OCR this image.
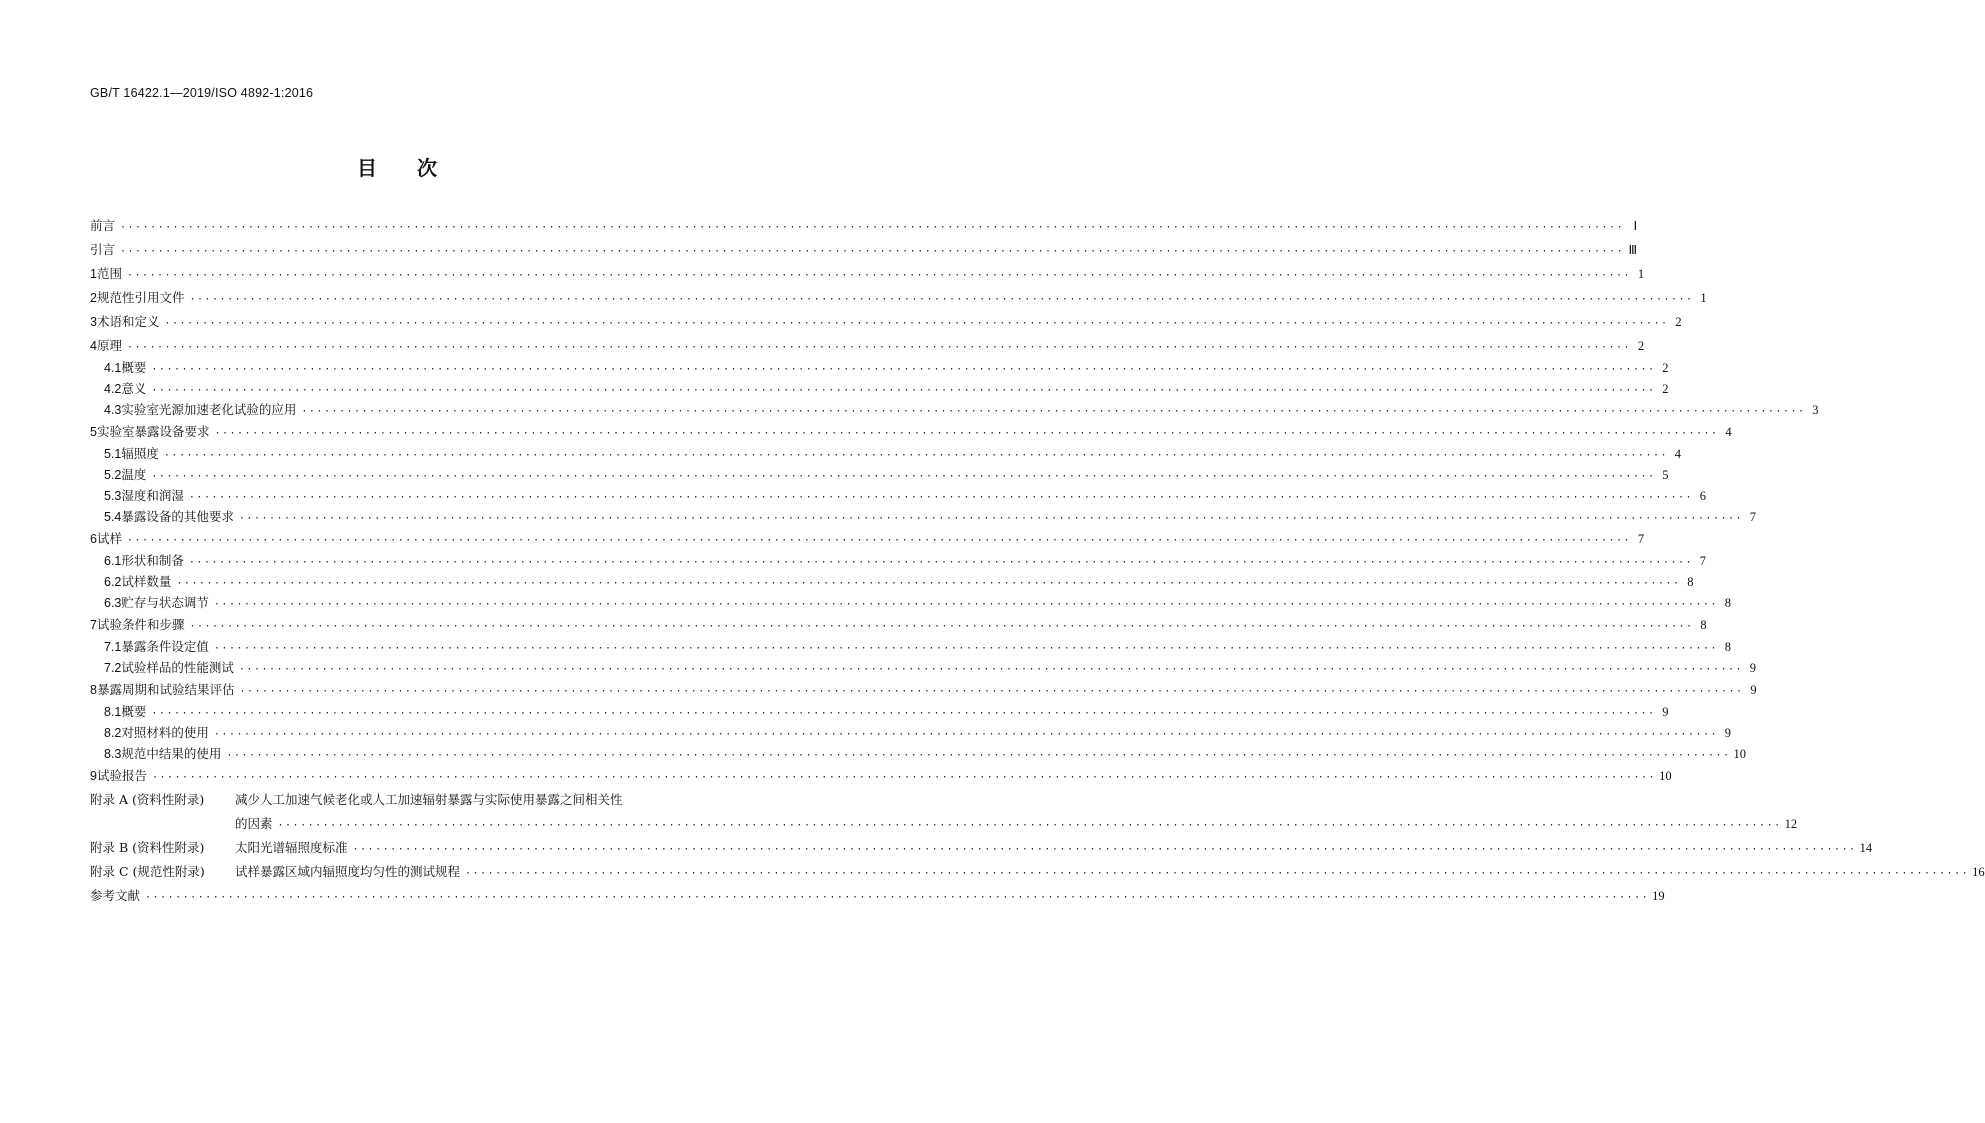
GB/T 16422.1—2019/ISO 4892-1:2016
目次
前言 ········································································································································································································ Ⅰ
引言 ········································································································································································································ Ⅲ
1 范围 ········································································································································································································ 1
2 规范性引用文件 ········································································································································································································ 1
3 术语和定义 ········································································································································································································ 2
4 原理 ········································································································································································································ 2
4.1 概要 ········································································································································································································ 2
4.2 意义 ········································································································································································································ 2
4.3 实验室光源加速老化试验的应用 ········································································································································································································ 3
5 实验室暴露设备要求 ········································································································································································································ 4
5.1 辐照度 ········································································································································································································ 4
5.2 温度 ········································································································································································································ 5
5.3 湿度和润湿 ········································································································································································································ 6
5.4 暴露设备的其他要求 ········································································································································································································ 7
6 试样 ········································································································································································································ 7
6.1 形状和制备 ········································································································································································································ 7
6.2 试样数量 ········································································································································································································ 8
6.3 贮存与状态调节 ········································································································································································································ 8
7 试验条件和步骤 ········································································································································································································ 8
7.1 暴露条件设定值 ········································································································································································································ 8
7.2 试验样品的性能测试 ········································································································································································································ 9
8 暴露周期和试验结果评估 ········································································································································································································ 9
8.1 概要 ········································································································································································································ 9
8.2 对照材料的使用 ········································································································································································································ 9
8.3 规范中结果的使用 ········································································································································································································ 10
9 试验报告 ········································································································································································································ 10
附录 A (资料性附录)	减少人工加速气候老化或人工加速辐射暴露与实际使用暴露之间相关性
的因素 ········································································································································································································ 12
附录 B (资料性附录)	太阳光谱辐照度标准 ········································································································································································································ 14
附录 C (规范性附录)	试样暴露区域内辐照度均匀性的测试规程 ········································································································································································································ 16
参考文献 ········································································································································································································ 19
